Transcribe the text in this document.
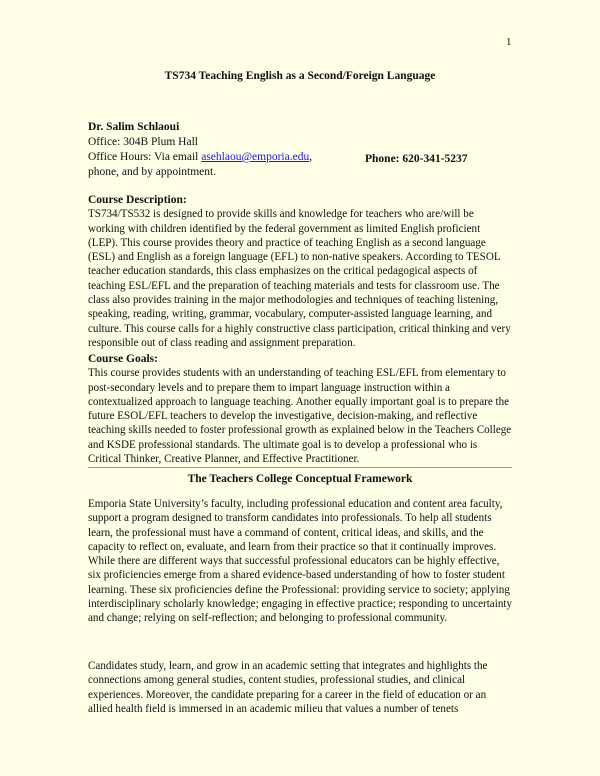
1
TS734 Teaching English as a Second/Foreign Language
Dr. Salim Schlaoui
Office: 304B Plum Hall
Office Hours: Via email asehlaou@emporia.edu,
phone, and by appointment.
Phone: 620-341-5237
Course Description:

TS734/TS532 is designed to provide skills and knowledge for teachers who are/will be working with children identified by the federal government as limited English proficient (LEP). This course provides theory and practice of teaching English as a second language (ESL) and English as a foreign language (EFL) to non-native speakers. According to TESOL teacher education standards, this class emphasizes on the critical pedagogical aspects of teaching ESL/EFL and the preparation of teaching materials and tests for classroom use. The class also provides training in the major methodologies and techniques of teaching listening, speaking, reading, writing, grammar, vocabulary, computer-assisted language learning, and culture. This course calls for a highly constructive class participation, critical thinking and very responsible out of class reading and assignment preparation.

Course Goals:

This course provides students with an understanding of teaching ESL/EFL from elementary to post-secondary levels and to prepare them to impart language instruction within a contextualized approach to language teaching. Another equally important goal is to prepare the future ESOL/EFL teachers to develop the investigative, decision-making, and reflective teaching skills needed to foster professional growth as explained below in the Teachers College and KSDE professional standards. The ultimate goal is to develop a professional who is Critical Thinker, Creative Planner, and Effective Practitioner.

The Teachers College Conceptual Framework

Emporia State University’s faculty, including professional education and content area faculty, support a program designed to transform candidates into professionals. To help all students learn, the professional must have a command of content, critical ideas, and skills, and the capacity to reflect on, evaluate, and learn from their practice so that it continually improves. While there are different ways that successful professional educators can be highly effective, six proficiencies emerge from a shared evidence-based understanding of how to foster student learning. These six proficiencies define the Professional: providing service to society; applying interdisciplinary scholarly knowledge; engaging in effective practice; responding to uncertainty and change; relying on self-reflection; and belonging to professional community.

Candidates study, learn, and grow in an academic setting that integrates and highlights the connections among general studies, content studies, professional studies, and clinical experiences. Moreover, the candidate preparing for a career in the field of education or an allied health field is immersed in an academic milieu that values a number of tenets
